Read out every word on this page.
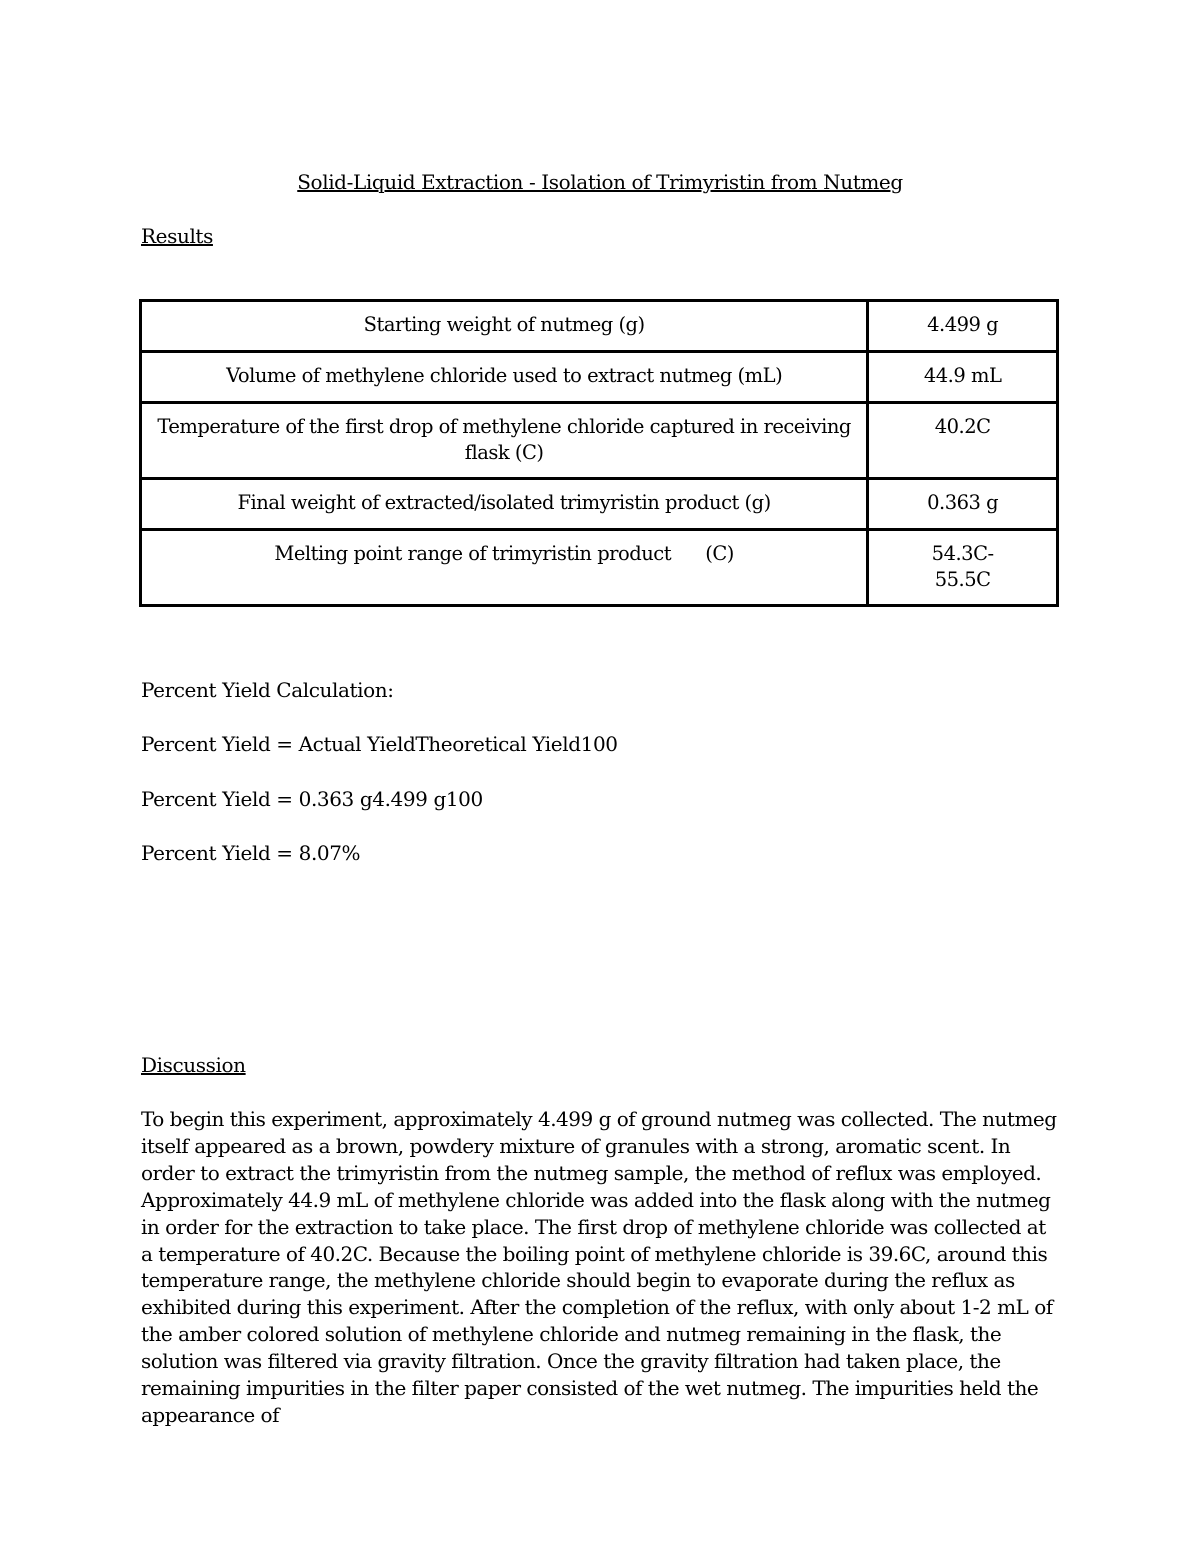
Solid-Liquid Extraction - Isolation of Trimyristin from Nutmeg
Results
Starting weight of nutmeg (g)	4.499 g
Volume of methylene chloride used to extract nutmeg (mL)	44.9 mL
Temperature of the first drop of methylene chloride captured in receiving flask (C)	40.2C
Final weight of extracted/isolated trimyristin product (g)	0.363 g
Melting point range of trimyristin product      (C)	54.3C-55.5C
Percent Yield Calculation:
Percent Yield = Actual YieldTheoretical Yield100
Percent Yield = 0.363 g4.499 g100
Percent Yield = 8.07%
Discussion
To begin this experiment, approximately 4.499 g of ground nutmeg was collected. The nutmeg itself appeared as a brown, powdery mixture of granules with a strong, aromatic scent. In order to extract the trimyristin from the nutmeg sample, the method of reflux was employed. Approximately 44.9 mL of methylene chloride was added into the flask along with the nutmeg in order for the extraction to take place. The first drop of methylene chloride was collected at a temperature of 40.2C. Because the boiling point of methylene chloride is 39.6C, around this temperature range, the methylene chloride should begin to evaporate during the reflux as exhibited during this experiment. After the completion of the reflux, with only about 1-2 mL of the amber colored solution of methylene chloride and nutmeg remaining in the flask, the solution was filtered via gravity filtration. Once the gravity filtration had taken place, the remaining impurities in the filter paper consisted of the wet nutmeg. The impurities held the appearance of
